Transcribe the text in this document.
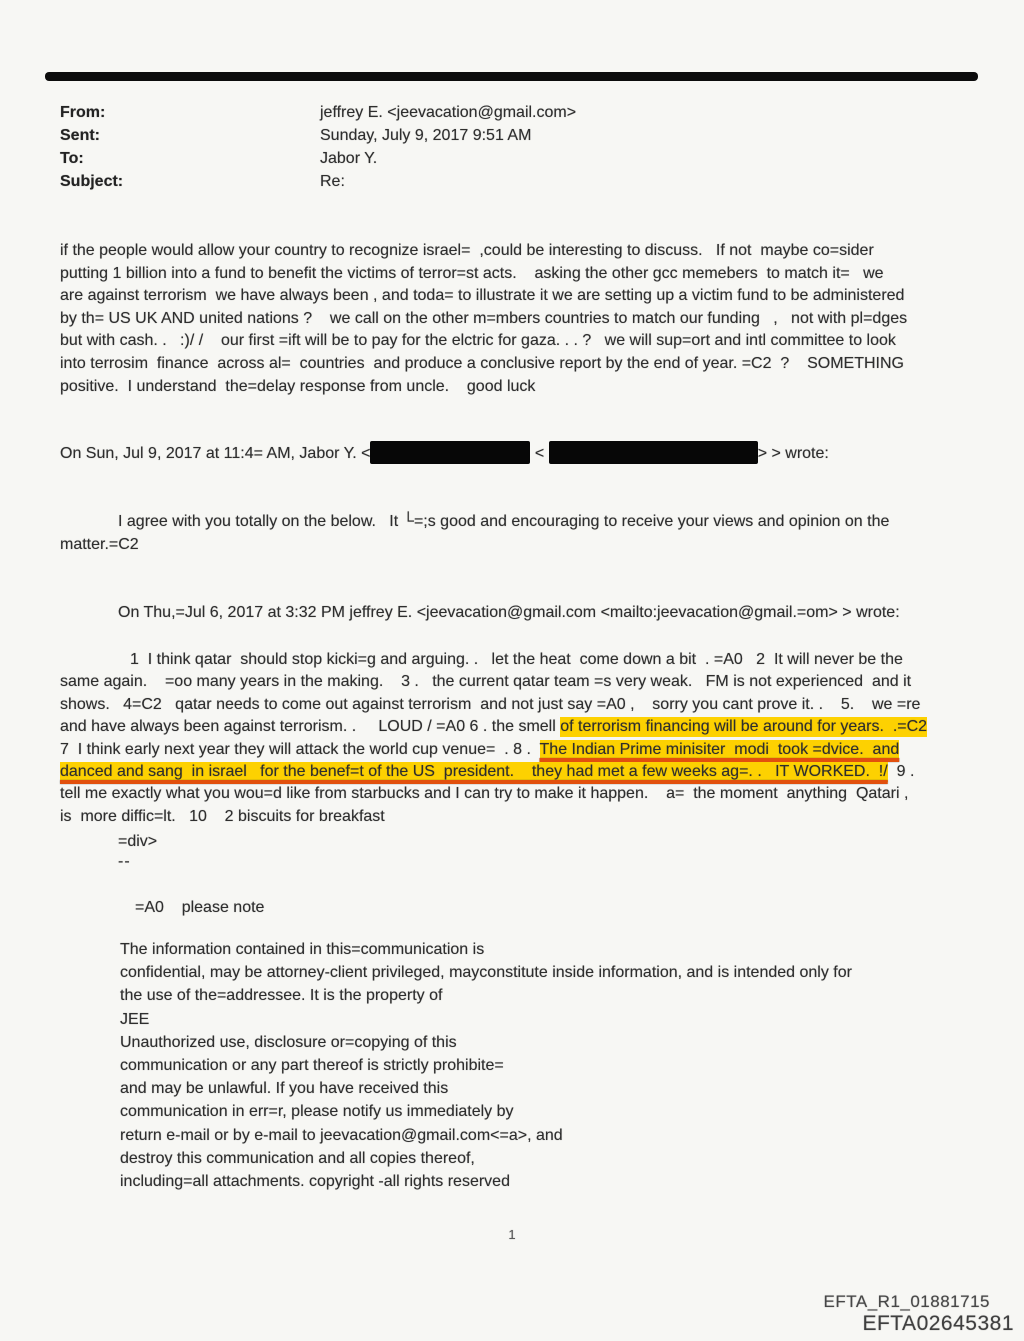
From:	jeffrey E. <jeevacation@gmail.com>
Sent:	Sunday, July 9, 2017 9:51 AM
To:	Jabor Y.
Subject:	Re:

if the people would allow your country to recognize israel=  ,could be interesting to discuss.   If not  maybe co=sider
putting 1 billion into a fund to benefit the victims of terror=st acts.    asking the other gcc memebers  to match it=   we
are against terrorism  we have always been , and toda= to illustrate it we are setting up a victim fund to be administered
by th= US UK AND united nations ?    we call on the other m=mbers countries to match our funding   ,   not with pl=dges
but with cash. .   :)/ /    our first =ift will be to pay for the elctric for gaza. . . ?   we will sup=ort and intl committee to look
into terrosim  finance  across al=  countries  and produce a conclusive report by the end of year. =C2  ?    SOMETHING
positive.  I understand  the=delay response from uncle.    good luck

On Sun, Jul 9, 2017 at 11:4= AM, Jabor Y. <	<	> > wrote:

I agree with you totally on the below.   It └=;s good and encouraging to receive your views and opinion on the
matter.=C2

On Thu,=Jul 6, 2017 at 3:32 PM jeffrey E. <jeevacation@gmail.com <mailto:jeevacation@gmail.=om> > wrote:

1  I think qatar  should stop kicki=g and arguing. .   let the heat  come down a bit  . =A0   2  It will never be the
same again.    =oo many years in the making.    3 .   the current qatar team =s very weak.   FM is not experienced  and it
shows.   4=C2   qatar needs to come out against terrorism  and not just say =A0 ,    sorry you cant prove it. .    5.    we =re
and have always been against terrorism. .     LOUD / =A0 6 . the smell of terrorism financing will be around for years.  .=C2
7  I think early next year they will attack the world cup venue=  . 8 .  The Indian Prime minisiter  modi  took =dvice.  and
danced and sang  in israel   for the benef=t of the US  president.    they had met a few weeks ag=. .   IT WORKED.  !/  9 .
tell me exactly what you wou=d like from starbucks and I can try to make it happen.    a=  the moment  anything  Qatari ,
is  more diffic=lt.   10    2 biscuits for breakfast

=div>

--

=A0    please note

The information contained in this=communication is
confidential, may be attorney-client privileged, mayconstitute inside information, and is intended only for
the use of the=addressee. It is the property of
JEE
Unauthorized use, disclosure or=copying of this
communication or any part thereof is strictly prohibite=
and may be unlawful. If you have received this
communication in err=r, please notify us immediately by
return e-mail or by e-mail to jeevacation@gmail.com<=a>, and
destroy this communication and all copies thereof,
including=all attachments. copyright -all rights reserved

1
EFTA_R1_01881715
EFTA02645381
